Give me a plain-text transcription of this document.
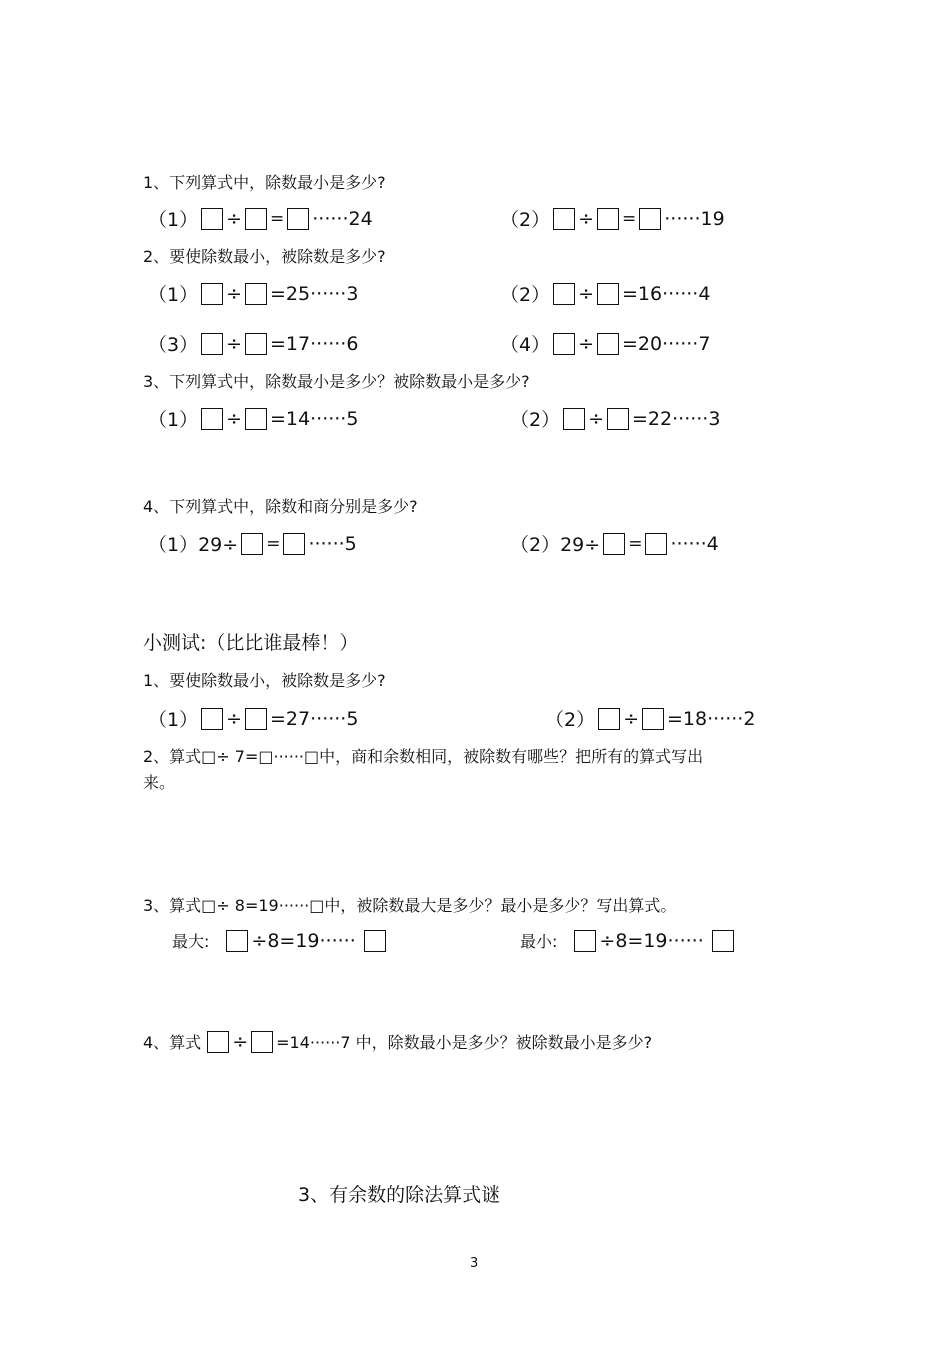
1、下列算式中，除数最小是多少?
（1） ÷ = ······24	（2） ÷ = ······19
2、要使除数最小，被除数是多少?
（1） ÷ =25······3	（2） ÷ =16······4
（3） ÷ =17······6	（4） ÷ =20······7
3、下列算式中，除数最小是多少？被除数最小是多少?
（1） ÷ =14······5	（2） ÷ =22······3
4、下列算式中，除数和商分别是多少?
（1）29÷ = ······5	（2）29÷ = ······4
小测试:（比比谁最棒！）
1、要使除数最小，被除数是多少?
（1） ÷ =27······5	（2） ÷ =18······2
2、算式□÷ 7=□······□中，商和余数相同，被除数有哪些？把所有的算式写出
来。
3、算式□÷ 8=19······□中，被除数最大是多少？最小是多少？写出算式。
最大: ÷8=19······	最小: ÷8=19······
4、算式 ÷ =14······7 中，除数最小是多少？被除数最小是多少?
3、有余数的除法算式谜
3
